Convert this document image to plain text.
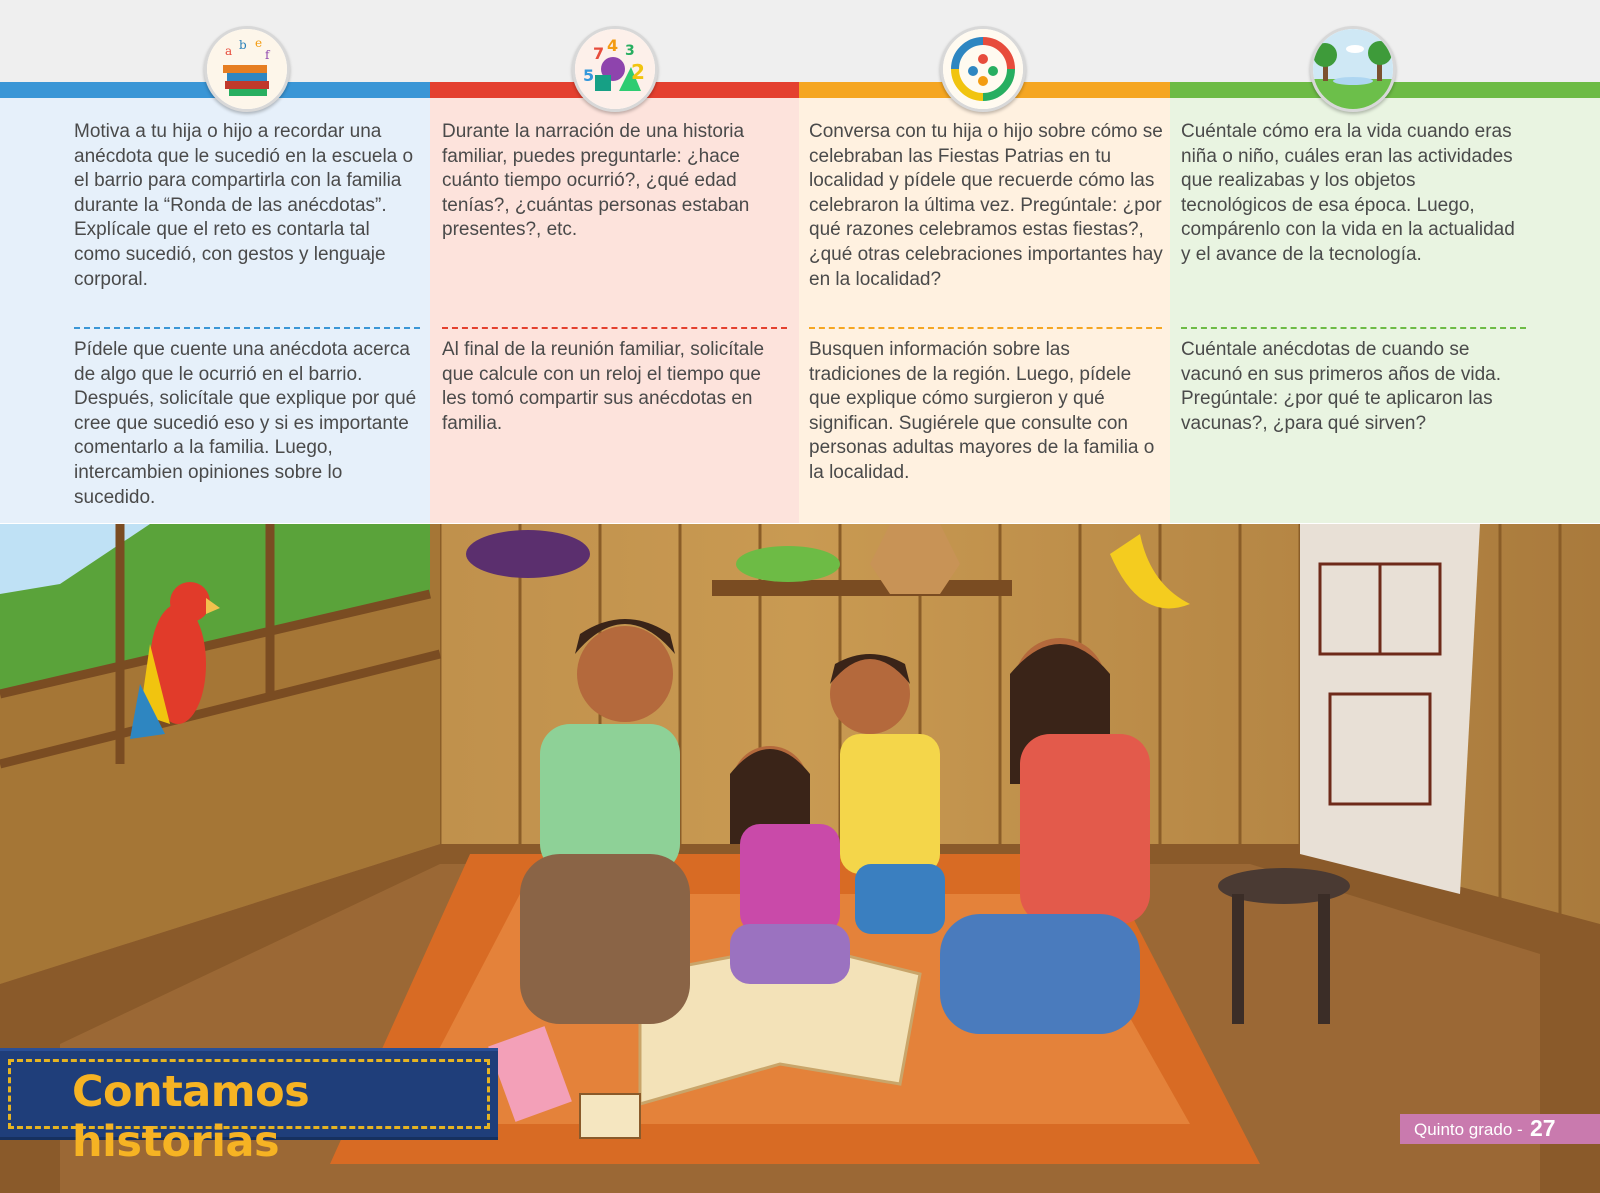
Motiva a tu hija o hijo a recordar una anécdota que le sucedió en la escuela o el barrio para compartirla con la familia durante la “Ronda de las anécdotas”. Explícale que el reto es contarla tal como sucedió, con gestos y lenguaje corporal.

Pídele que cuente una anécdota acerca de algo que le ocurrió en el barrio. Después, solicítale que explique por qué cree que sucedió eso y si es importante comentarlo a la familia. Luego, intercambien opiniones sobre lo sucedido.

Durante la narración de una historia familiar, puedes preguntarle: ¿hace cuánto tiempo ocurrió?, ¿qué edad tenías?, ¿cuántas personas estaban presentes?, etc.

Al final de la reunión familiar, solicítale que calcule con un reloj el tiempo que les tomó compartir sus anécdotas en familia.

Conversa con tu hija o hijo sobre cómo se celebraban las Fiestas Patrias en tu localidad y pídele que recuerde cómo las celebraron la última vez. Pregúntale: ¿por qué razones celebramos estas fiestas?, ¿qué otras celebraciones importantes hay en la localidad?

Busquen información sobre las tradiciones de la región. Luego, pídele que explique cómo surgieron y qué significan. Sugiérele que consulte con personas adultas mayores de la familia o la localidad.

Cuéntale cómo era la vida cuando eras niña o niño, cuáles eran las actividades que realizabas y los objetos tecnológicos de esa época. Luego, compárenlo con la vida en la actualidad y el avance de la tecnología.

Cuéntale anécdotas de cuando se vacunó en sus primeros años de vida. Pregúntale: ¿por qué te aplicaron las vacunas?, ¿para qué sirven?

a b e
f	7 4 3
2
5
Contamos historias	Quinto grado - 27
